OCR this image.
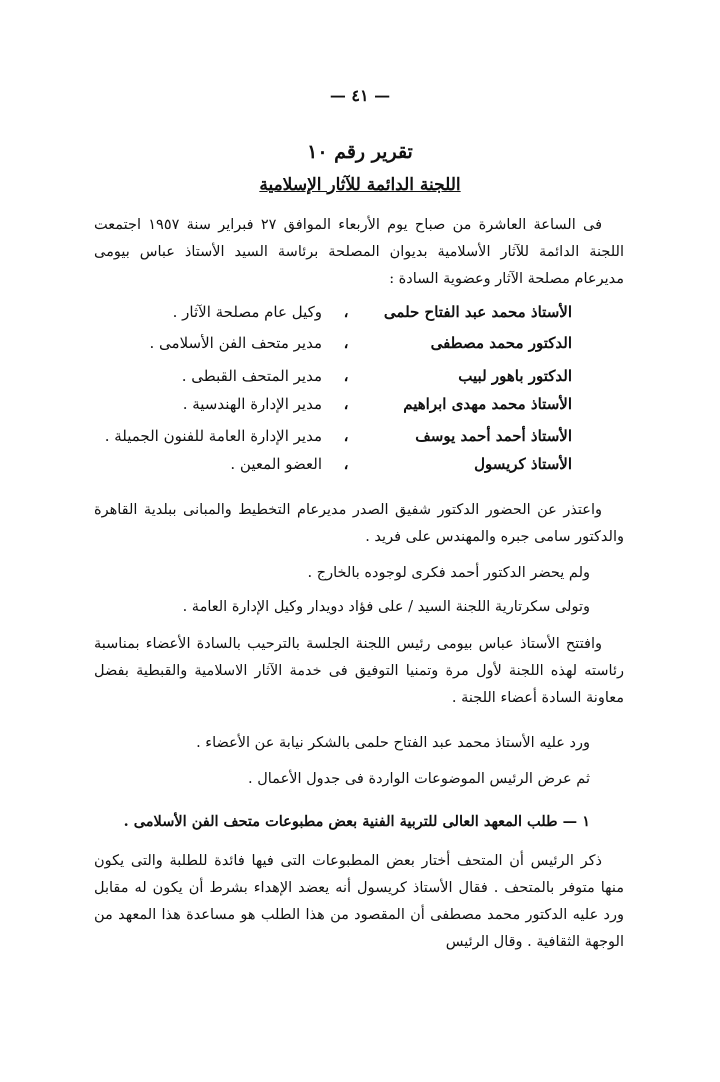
— ٤١ —
تقرير رقم ١٠
اللجنة الدائمة للآثار الإسلامية
فى الساعة العاشرة من صباح يوم الأربعاء الموافق ٢٧ فبراير سنة ١٩٥٧ اجتمعت اللجنة الدائمة للآثار الأسلامية بديوان المصلحة برئاسة السيد الأستاذ عباس بيومى مديرعام مصلحة الآثار وعضوية السادة :
الأستاذ محمد عبد الفتاح حلمى
،
وكيل عام مصلحة الآثار .
الدكتور محمد مصطفى
،
مدير متحف الفن الأسلامى .
الدكتور باهور لبيب
،
مدير المتحف القبطى .
الأستاذ محمد مهدى ابراهيم
،
مدير الإدارة الهندسية .
الأستاذ أحمد أحمد يوسف
،
مدير الإدارة العامة للفنون الجميلة .
الأستاذ كريسول
،
العضو المعين .
واعتذر عن الحضور الدكتور شفيق الصدر مديرعام التخطيط والمبانى ببلدية القاهرة والدكتور سامى جبره والمهندس على فريد .
ولم يحضر الدكتور أحمد فكرى لوجوده بالخارج .
وتولى سكرتارية اللجنة السيد / على فؤاد دويدار وكيل الإدارة العامة .
وافتتح الأستاذ عباس بيومى رئيس اللجنة الجلسة بالترحيب بالسادة الأعضاء بمناسبة رئاسته لهذه اللجنة لأول مرة وتمنيا التوفيق فى خدمة الآثار الاسلامية والقبطية بفضل معاونة السادة أعضاء اللجنة .
ورد عليه الأستاذ محمد عبد الفتاح حلمى بالشكر نيابة عن الأعضاء .
ثم عرض الرئيس الموضوعات الواردة فى جدول الأعمال .
١ — طلب المعهد العالى للتربية الفنية بعض مطبوعات متحف الفن الأسلامى .
ذكر الرئيس أن المتحف أختار بعض المطبوعات التى فيها فائدة للطلبة والتى يكون منها متوفر بالمتحف . فقال الأستاذ كريسول أنه يعضد الإهداء بشرط أن يكون له مقابل ورد عليه الدكتور محمد مصطفى أن المقصود من هذا الطلب هو مساعدة هذا المعهد من الوجهة الثقافية . وقال الرئيس
